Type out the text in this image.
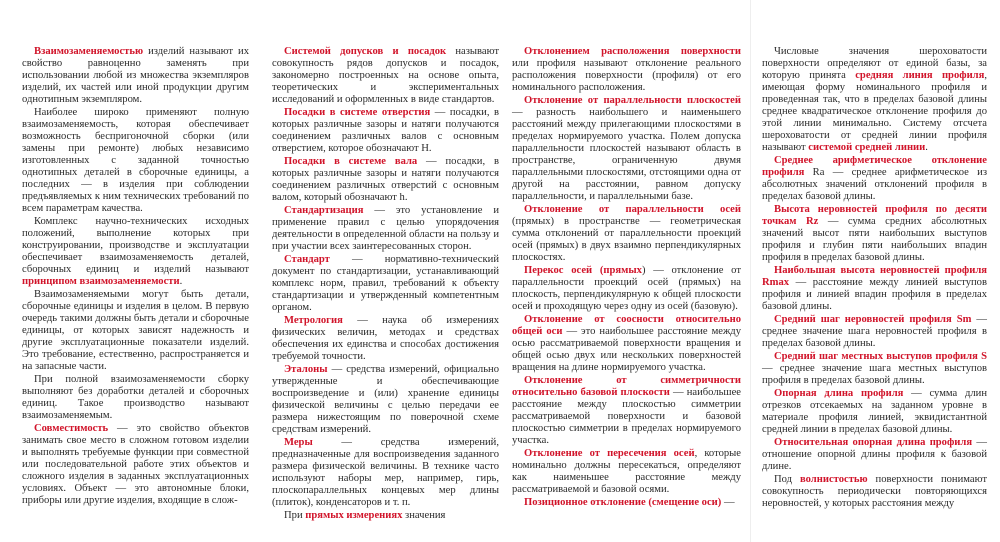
Взаимозаменяемостью изделий называют их свойство равноценно заменять при использовании любой из множества экземпляров изделий, их частей или иной продукции другим однотипным экземпляром.

Наиболее широко применяют полную взаимозаменяемость, которая обеспечивает возможность беспригоночной сборки (или замены при ремонте) любых независимо изготовленных с заданной точностью однотипных деталей в сборочные единицы, а последних — в изделия при соблюдении предъявляемых к ним технических требований по всем параметрам качества.

Комплекс научно-технических исходных положений, выполнение которых при конструировании, производстве и эксплуатации обеспечивает взаимозаменяемость деталей, сборочных единиц и изделий называют принципом взаимозаменяемости.

Взаимозаменяемыми могут быть детали, сборочные единицы и изделия в целом. В первую очередь такими должны быть детали и сборочные единицы, от которых зависят надежность и другие эксплуатационные показатели изделий. Это требование, естественно, распространяется и на запасные части.

При полной взаимозаменяемости сборку выполняют без доработки деталей и сборочных единиц. Такое производство называют взаимозаменяемым.

Совместимость — это свойство объектов занимать свое место в сложном готовом изделии и выполнять требуемые функции при совместной или последовательной работе этих объектов и сложного изделия в заданных эксплуатационных условиях. Объект — это автономные блоки, приборы или другие изделия, входящие в слож-

Системой допусков и посадок называют совокупность рядов допусков и посадок, закономерно построенных на основе опыта, теоретических и экспериментальных исследований и оформленных в виде стандартов.

Посадки в системе отверстия — посадки, в которых различные зазоры и натяги получаются соединением различных валов с основным отверстием, которое обозначают H.

Посадки в системе вала — посадки, в которых различные зазоры и натяги получаются соединением различных отверстий с основным валом, который обозначают h.

Стандартизация — это установление и применение правил с целью упорядочения деятельности в определенной области на пользу и при участии всех заинтересованных сторон.

Стандарт — нормативно-технический документ по стандартизации, устанавливающий комплекс норм, правил, требований к объекту стандартизации и утвержденный компетентным органом.

Метрология — наука об измерениях физических величин, методах и средствах обеспечения их единства и способах достижения требуемой точности.

Эталоны — средства измерений, официально утвержденные и обеспечивающие воспроизведение и (или) хранение единицы физической величины с целью передачи ее размера нижестоящим по поверочной схеме средствам измерений.

Меры — средства измерений, предназначенные для воспроизведения заданного размера физической величины. В технике часто используют наборы мер, например, гирь, плоскопараллельных концевых мер длины (плиток), конденсаторов и т. п.

При прямых измерениях значения

Отклонением расположения поверхности или профиля называют отклонение реального расположения поверхности (профиля) от его номинального расположения.

Отклонение от параллельности плоскостей — разность наибольшего и наименьшего расстояний между прилегающими плоскостями в пределах нормируемого участка. Полем допуска параллельности плоскостей называют область в пространстве, ограниченную двумя параллельными плоскостями, отстоящими одна от другой на расстоянии, равном допуску параллельности, и параллельными базе.

Отклонение от параллельности осей (прямых) в пространстве — геометрическая сумма отклонений от параллельности проекций осей (прямых) в двух взаимно перпендикулярных плоскостях.

Перекос осей (прямых) — отклонение от параллельности проекций осей (прямых) на плоскость, перпендикулярную к общей плоскости осей и проходящую через одну из осей (базовую).

Отклонение от соосности относительно общей оси — это наибольшее расстояние между осью рассматриваемой поверхности вращения и общей осью двух или нескольких поверхностей вращения на длине нормируемого участка.

Отклонение от симметричности относительно базовой плоскости — наибольшее расстояние между плоскостью симметрии рассматриваемой поверхности и базовой плоскостью симметрии в пределах нормируемого участка.

Отклонение от пересечения осей, которые номинально должны пересекаться, определяют как наименьшее расстояние между рассматриваемой и базовой осями.

Позиционное отклонение (смещение оси) —

Числовые значения шероховатости поверхности определяют от единой базы, за которую принята средняя линия профиля, имеющая форму номинального профиля и проведенная так, что в пределах базовой длины среднее квадратическое отклонение профиля до этой линии минимально. Систему отсчета шероховатости от средней линии профиля называют системой средней линии.

Среднее арифметическое отклонение профиля Ra — среднее арифметическое из абсолютных значений отклонений профиля в пределах базовой длины.

Высота неровностей профиля по десяти точкам Rz — сумма средних абсолютных значений высот пяти наибольших выступов профиля и глубин пяти наибольших впадин профиля в пределах базовой длины.

Наибольшая высота неровностей профиля Rmax — расстояние между линией выступов профиля и линией впадин профиля в пределах базовой длины.

Средний шаг неровностей профиля Sm — среднее значение шага неровностей профиля в пределах базовой длины.

Средний шаг местных выступов профиля S — среднее значение шага местных выступов профиля в пределах базовой длины.

Опорная длина профиля — сумма длин отрезков отсекаемых на заданном уровне в материале профиля линией, эквидистантной средней линии в пределах базовой длины.

Относительная опорная длина профиля — отношение опорной длины профиля к базовой длине.

Под волнистостью поверхности понимают совокупность периодически повторяющихся неровностей, у которых расстояния между
